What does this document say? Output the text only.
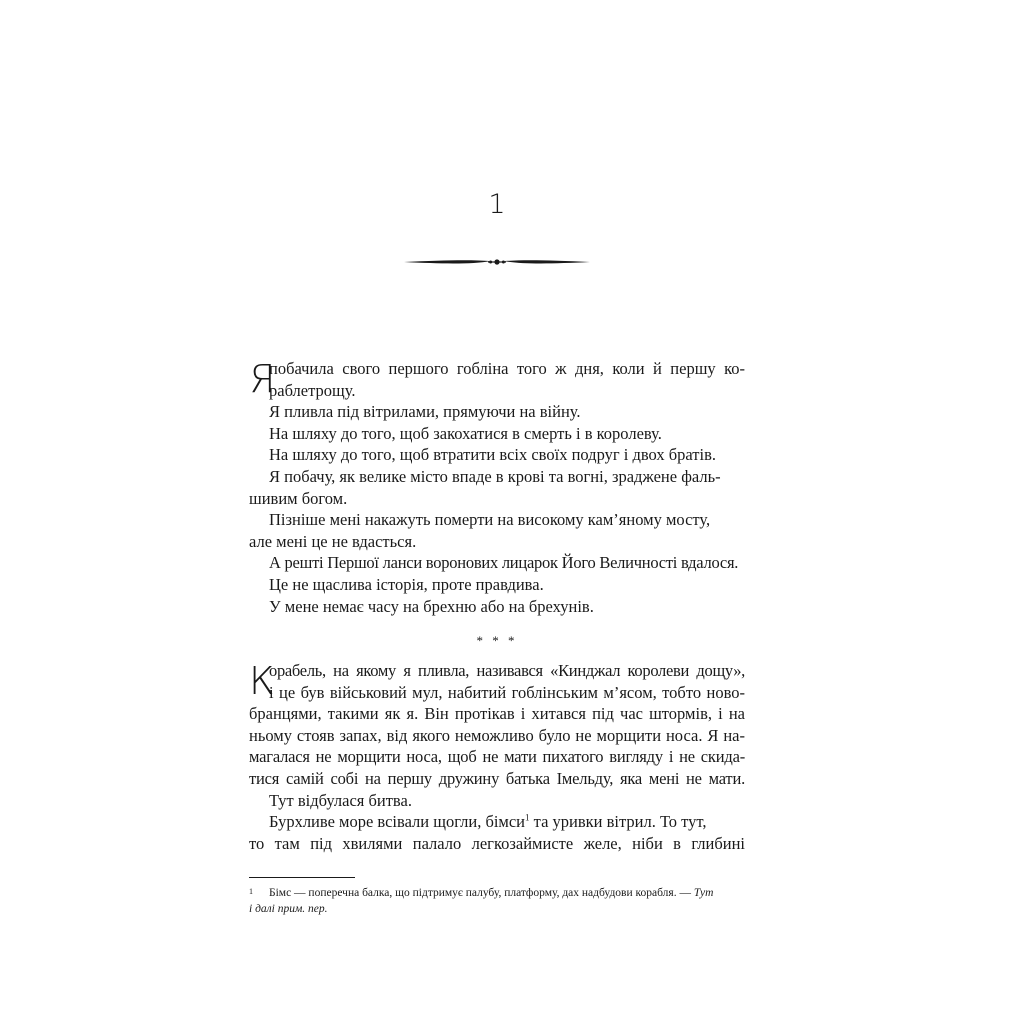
1
Я
побачила свого першого гобліна того ж дня, коли й першу ко-
раблетрощу.

Я пливла під вітрилами, прямуючи на війну.

На шляху до того, щоб закохатися в смерть і в королеву.

На шляху до того, щоб втратити всіх своїх подруг і двох братів.

Я побачу, як велике місто впаде в крові та вогні, зраджене фаль-

шивим богом.

Пізніше мені накажуть померти на високому кам’яному мосту,

але мені це не вдасться.

А решті Першої ланси воронових лицарок Його Величності вдалося.

Це не щаслива історія, проте правдива.

У мене немає часу на брехню або на брехунів.

* * *
К
орабель, на якому я пливла, називався «Кинджал королеви дощу»,
і це був військовий мул, набитий гоблінським м’ясом, тобто ново-
бранцями, такими як я. Він протікав і хитався під час штормів, і на
ньому стояв запах, від якого неможливо було не морщити носа. Я на-
магалася не морщити носа, щоб не мати пихатого вигляду і не скида-
тися самій собі на першу дружину батька Імельду, яка мені не мати.

Тут відбулася битва.

Бурхливе море всівали щогли, бімси$^1$ та уривки вітрил. То тут,

то там під хвилями палало легкозаймисте желе, ніби в глибині
1 Бімс — поперечна балка, що підтримує палубу, платформу, дах надбудови корабля. — Тут
і далі прим. пер.
